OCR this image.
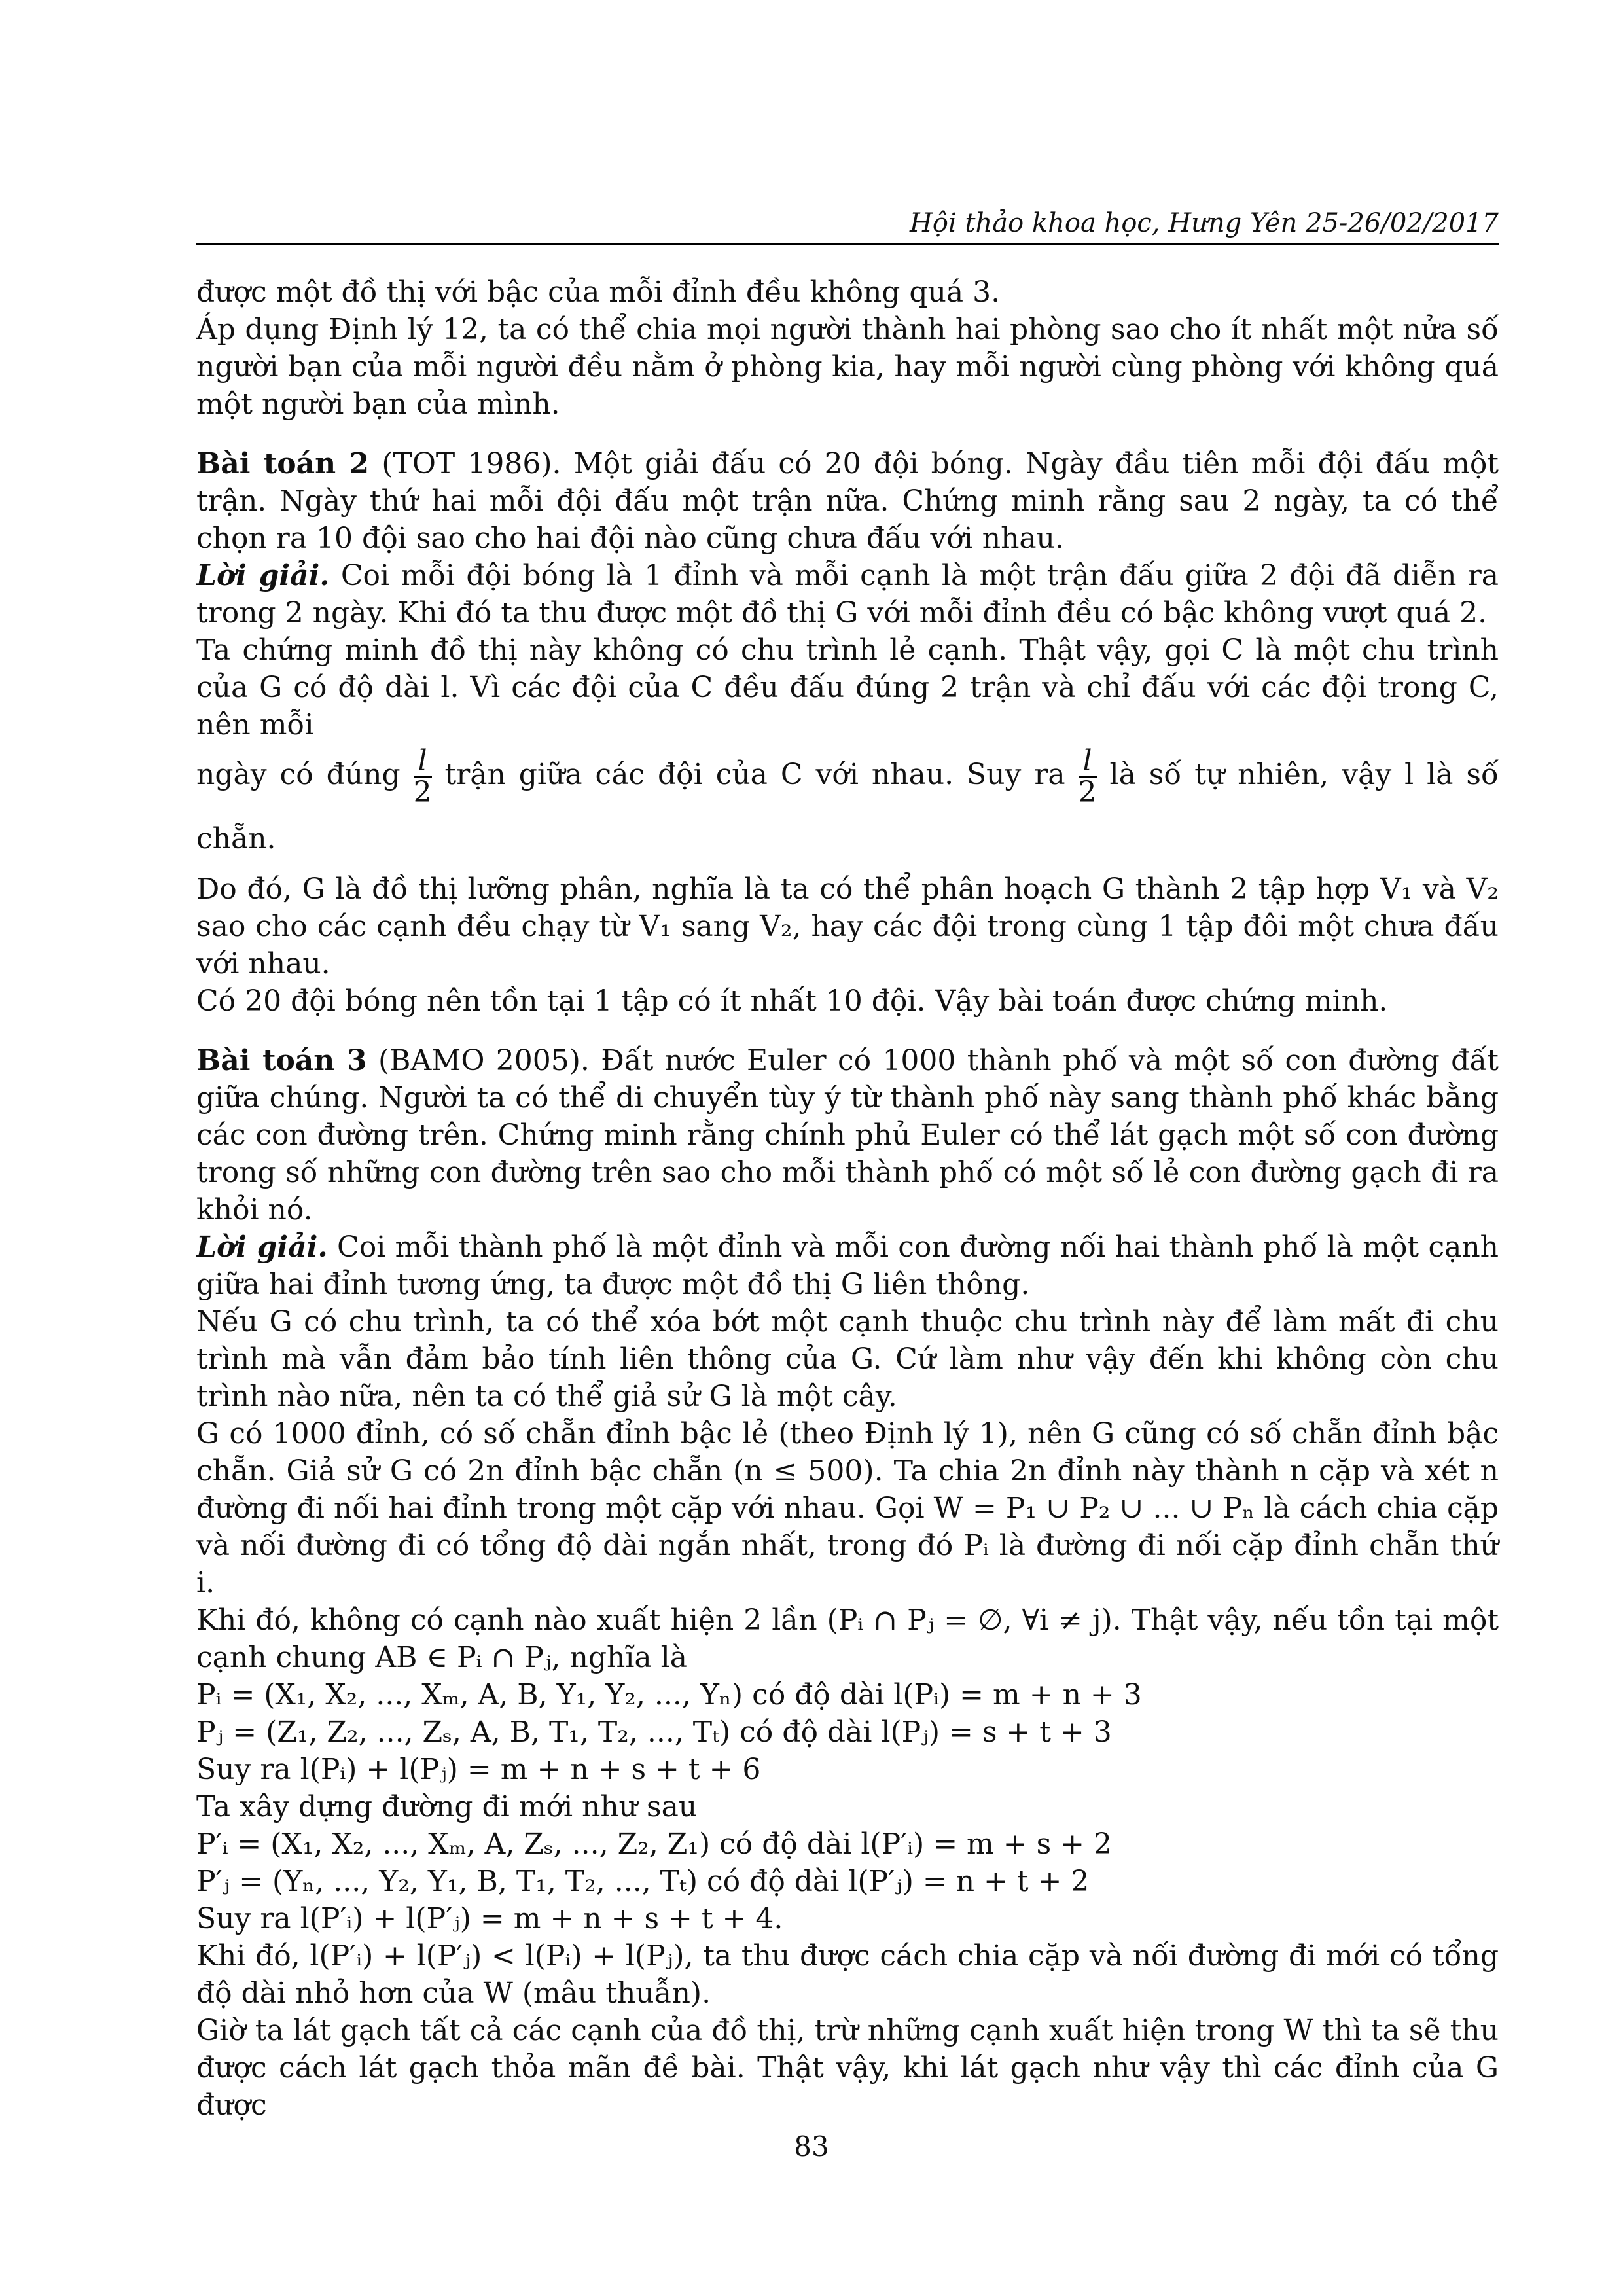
Hội thảo khoa học, Hưng Yên 25-26/02/2017

được một đồ thị với bậc của mỗi đỉnh đều không quá 3.

Áp dụng Định lý 12, ta có thể chia mọi người thành hai phòng sao cho ít nhất một nửa số người bạn của mỗi người đều nằm ở phòng kia, hay mỗi người cùng phòng với không quá một người bạn của mình.

Bài toán 2 (TOT 1986). Một giải đấu có 20 đội bóng. Ngày đầu tiên mỗi đội đấu một trận. Ngày thứ hai mỗi đội đấu một trận nữa. Chứng minh rằng sau 2 ngày, ta có thể chọn ra 10 đội sao cho hai đội nào cũng chưa đấu với nhau.

Lời giải. Coi mỗi đội bóng là 1 đỉnh và mỗi cạnh là một trận đấu giữa 2 đội đã diễn ra trong 2 ngày. Khi đó ta thu được một đồ thị G với mỗi đỉnh đều có bậc không vượt quá 2.

Ta chứng minh đồ thị này không có chu trình lẻ cạnh. Thật vậy, gọi C là một chu trình của G có độ dài l. Vì các đội của C đều đấu đúng 2 trận và chỉ đấu với các đội trong C, nên mỗi

ngày có đúng $\frac{l}{2}$ trận giữa các đội của C với nhau. Suy ra $\frac{l}{2}$ là số tự nhiên, vậy l là số chẵn.

Do đó, G là đồ thị lưỡng phân, nghĩa là ta có thể phân hoạch G thành 2 tập hợp V₁ và V₂ sao cho các cạnh đều chạy từ V₁ sang V₂, hay các đội trong cùng 1 tập đôi một chưa đấu với nhau.

Có 20 đội bóng nên tồn tại 1 tập có ít nhất 10 đội. Vậy bài toán được chứng minh.

Bài toán 3 (BAMO 2005). Đất nước Euler có 1000 thành phố và một số con đường đất giữa chúng. Người ta có thể di chuyển tùy ý từ thành phố này sang thành phố khác bằng các con đường trên. Chứng minh rằng chính phủ Euler có thể lát gạch một số con đường trong số những con đường trên sao cho mỗi thành phố có một số lẻ con đường gạch đi ra khỏi nó.

Lời giải. Coi mỗi thành phố là một đỉnh và mỗi con đường nối hai thành phố là một cạnh giữa hai đỉnh tương ứng, ta được một đồ thị G liên thông.

Nếu G có chu trình, ta có thể xóa bớt một cạnh thuộc chu trình này để làm mất đi chu trình mà vẫn đảm bảo tính liên thông của G. Cứ làm như vậy đến khi không còn chu trình nào nữa, nên ta có thể giả sử G là một cây.

G có 1000 đỉnh, có số chẵn đỉnh bậc lẻ (theo Định lý 1), nên G cũng có số chẵn đỉnh bậc chẵn. Giả sử G có 2n đỉnh bậc chẵn (n ≤ 500). Ta chia 2n đỉnh này thành n cặp và xét n đường đi nối hai đỉnh trong một cặp với nhau. Gọi W = P₁ ∪ P₂ ∪ ... ∪ Pₙ là cách chia cặp và nối đường đi có tổng độ dài ngắn nhất, trong đó Pᵢ là đường đi nối cặp đỉnh chẵn thứ i.

Khi đó, không có cạnh nào xuất hiện 2 lần (Pᵢ ∩ Pⱼ = ∅, ∀i ≠ j). Thật vậy, nếu tồn tại một cạnh chung AB ∈ Pᵢ ∩ Pⱼ, nghĩa là

Pᵢ = (X₁, X₂, ..., Xₘ, A, B, Y₁, Y₂, ..., Yₙ) có độ dài l(Pᵢ) = m + n + 3

Pⱼ = (Z₁, Z₂, ..., Zₛ, A, B, T₁, T₂, ..., Tₜ) có độ dài l(Pⱼ) = s + t + 3

Suy ra l(Pᵢ) + l(Pⱼ) = m + n + s + t + 6

Ta xây dựng đường đi mới như sau

P′ᵢ = (X₁, X₂, ..., Xₘ, A, Zₛ, ..., Z₂, Z₁) có độ dài l(P′ᵢ) = m + s + 2

P′ⱼ = (Yₙ, ..., Y₂, Y₁, B, T₁, T₂, ..., Tₜ) có độ dài l(P′ⱼ) = n + t + 2

Suy ra l(P′ᵢ) + l(P′ⱼ) = m + n + s + t + 4.

Khi đó, l(P′ᵢ) + l(P′ⱼ) < l(Pᵢ) + l(Pⱼ), ta thu được cách chia cặp và nối đường đi mới có tổng độ dài nhỏ hơn của W (mâu thuẫn).

Giờ ta lát gạch tất cả các cạnh của đồ thị, trừ những cạnh xuất hiện trong W thì ta sẽ thu được cách lát gạch thỏa mãn đề bài. Thật vậy, khi lát gạch như vậy thì các đỉnh của G được

83
